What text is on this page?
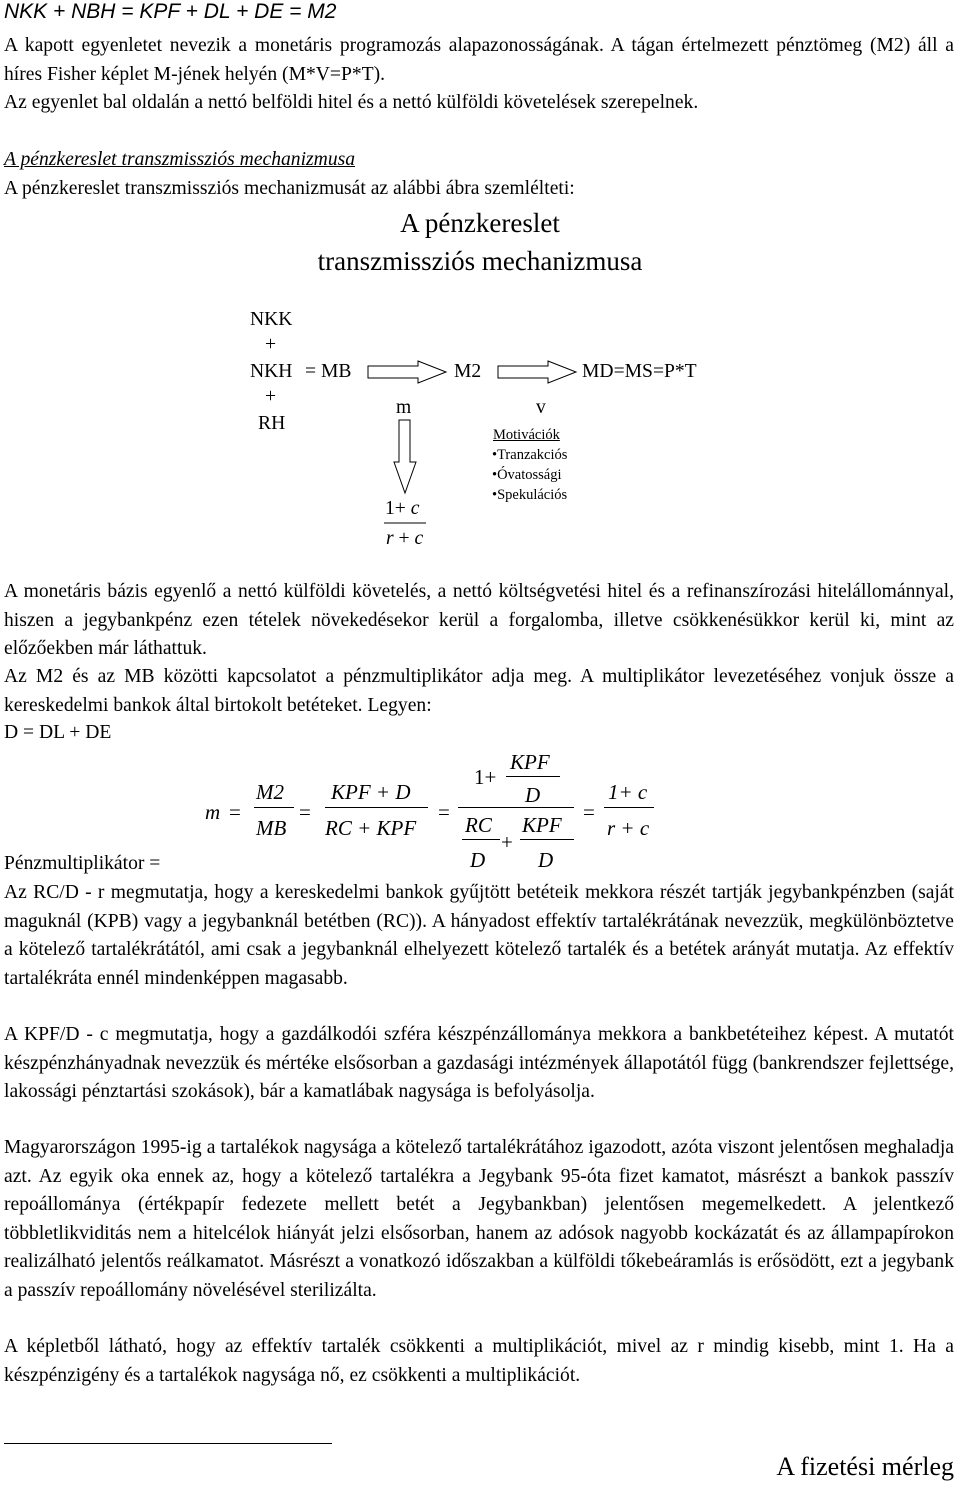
NKK + NBH = KPF + DL + DE = M2
A kapott egyenletet nevezik a monetáris programozás alapazonosságának. A tágan értelmezett pénztömeg (M2) áll a híres Fisher képlet M-jének helyén (M*V=P*T).
Az egyenlet bal oldalán a nettó belföldi hitel és a nettó külföldi követelések szerepelnek.
A pénzkereslet transzmissziós mechanizmusa
A pénzkereslet transzmissziós mechanizmusát az alábbi ábra szemlélteti:
A pénzkereslet
transzmissziós mechanizmusa
NKK
+
NKH
+
RH
= MB	M2	MD=MS=P*T
m	v
1+ c
r + c
Motivációk
•Tranzakciós
•Óvatossági
•Spekulációs
A monetáris bázis egyenlő a nettó külföldi követelés, a nettó költségvetési hitel és a refinanszírozási hitelállománnyal, hiszen a jegybankpénz ezen tételek növekedésekor kerül a forgalomba, illetve csökkenésükkor kerül ki, mint az előzőekben már láthattuk.
Az M2 és az MB közötti kapcsolatot a pénzmultiplikátor adja meg. A multiplikátor levezetéséhez vonjuk össze a kereskedelmi bankok által birtokolt betéteket. Legyen:
D = DL + DE
m =
M2
MB
=
KPF + D
RC + KPF
=
1+
KPF
D
RC
D
+
KPF
D
=
1+ c
r + c
Pénzmultiplikátor =
Az RC/D - r megmutatja, hogy a kereskedelmi bankok gyűjtött betéteik mekkora részét tartják jegybankpénzben (saját maguknál (KPB) vagy a jegybanknál betétben (RC)). A hányadost effektív tartalékrátának nevezzük, megkülönböztetve a kötelező tartalékrátától, ami csak a jegybanknál elhelyezett kötelező tartalék és a betétek arányát mutatja. Az effektív tartalékráta ennél mindenképpen magasabb.
A KPF/D - c megmutatja, hogy a gazdálkodói szféra készpénzállománya mekkora a bankbetéteihez képest. A mutatót készpénzhányadnak nevezzük és mértéke elsősorban a gazdasági intézmények állapotától függ (bankrendszer fejlettsége, lakossági pénztartási szokások), bár a kamatlábak nagysága is befolyásolja.
Magyarországon 1995-ig a tartalékok nagysága a kötelező tartalékrátához igazodott, azóta viszont jelentősen meghaladja azt. Az egyik oka ennek az, hogy a kötelező tartalékra a Jegybank 95-óta fizet kamatot, másrészt a bankok passzív repoállománya (értékpapír fedezete mellett betét a Jegybankban) jelentősen megemelkedett. A jelentkező többletlikviditás nem a hitelcélok hiányát jelzi elsősorban, hanem az adósok nagyobb kockázatát és az állampapírokon realizálható jelentős reálkamatot. Másrészt a vonatkozó időszakban a külföldi tőkebeáramlás is erősödött, ezt a jegybank a passzív repoállomány növelésével sterilizálta.
A képletből látható, hogy az effektív tartalék csökkenti a multiplikációt, mivel az r mindig kisebb, mint 1. Ha a készpénzigény és a tartalékok nagysága nő, ez csökkenti a multiplikációt.
A fizetési mérleg
